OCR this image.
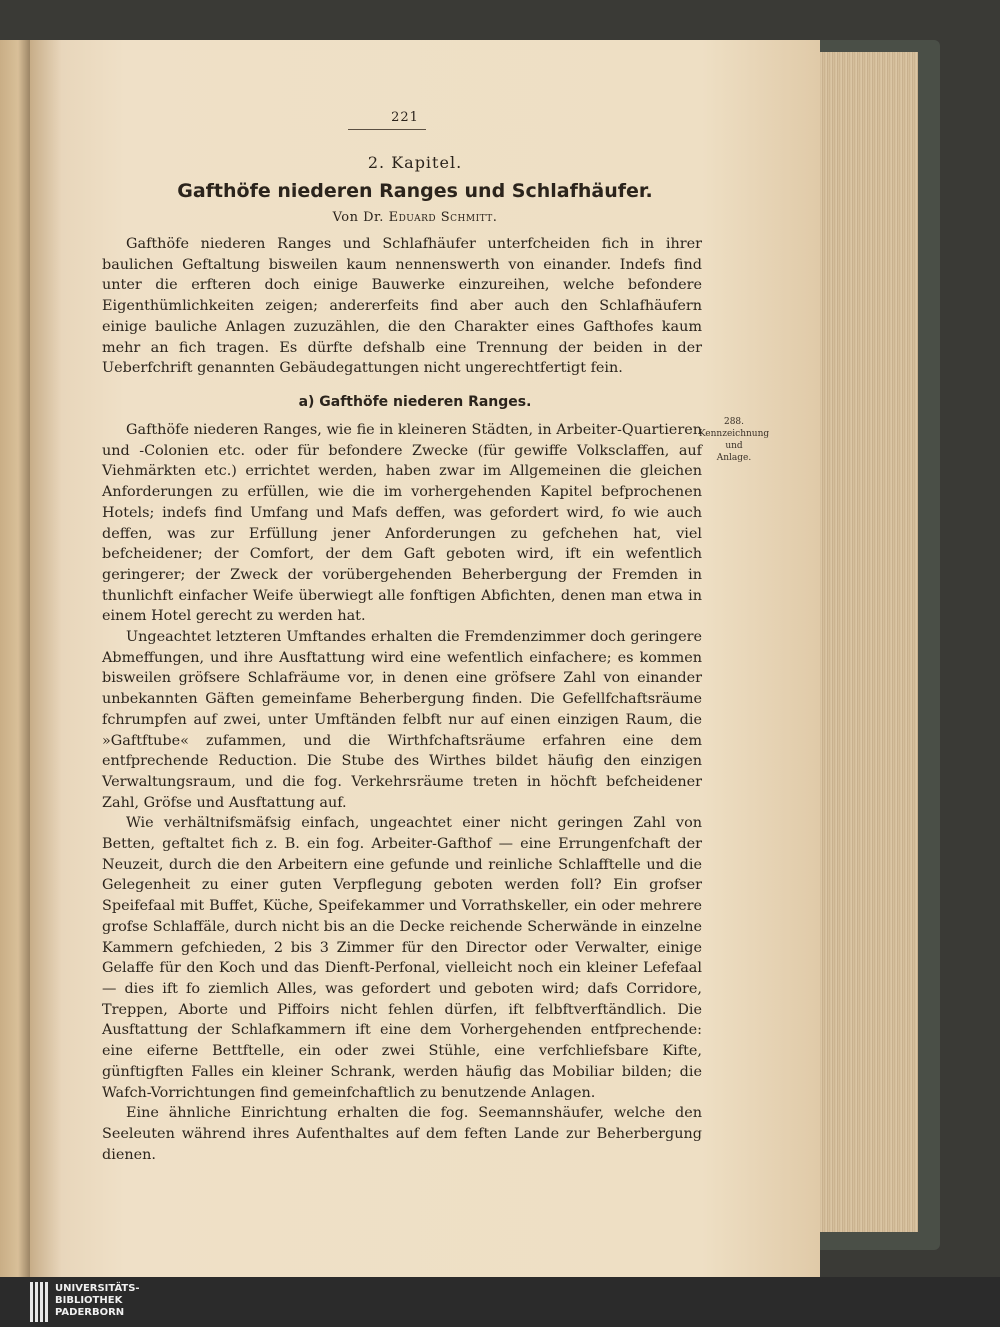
221
2. Kapitel.
Gafthöfe niederen Ranges und Schlafhäufer.
Von Dr. Eduard Schmitt.

Gafthöfe niederen Ranges und Schlafhäufer unterfcheiden fich in ihrer baulichen Geftaltung bisweilen kaum nennenswerth von einander. Indefs find unter die erfteren doch einige Bauwerke einzureihen, welche befondere Eigenthümlichkeiten zeigen; andererfeits find aber auch den Schlafhäufern einige bauliche Anlagen zuzuzählen, die den Charakter eines Gafthofes kaum mehr an fich tragen. Es dürfte defshalb eine Trennung der beiden in der Ueberfchrift genannten Gebäudegattungen nicht ungerechtfertigt fein.

a) Gafthöfe niederen Ranges.
288.
Kennzeichnung
und
Anlage.

Gafthöfe niederen Ranges, wie fie in kleineren Städten, in Arbeiter-Quartieren und -Colonien etc. oder für befondere Zwecke (für gewiffe Volksclaffen, auf Viehmärkten etc.) errichtet werden, haben zwar im Allgemeinen die gleichen Anforderungen zu erfüllen, wie die im vorhergehenden Kapitel befprochenen Hotels; indefs find Umfang und Mafs deffen, was gefordert wird, fo wie auch deffen, was zur Erfüllung jener Anforderungen zu gefchehen hat, viel befcheidener; der Comfort, der dem Gaft geboten wird, ift ein wefentlich geringerer; der Zweck der vorübergehenden Beherbergung der Fremden in thunlichft einfacher Weife überwiegt alle fonftigen Abfichten, denen man etwa in einem Hotel gerecht zu werden hat.

Ungeachtet letzteren Umftandes erhalten die Fremdenzimmer doch geringere Abmeffungen, und ihre Ausftattung wird eine wefentlich einfachere; es kommen bisweilen gröfsere Schlafräume vor, in denen eine gröfsere Zahl von einander unbekannten Gäften gemeinfame Beherbergung finden. Die Gefellfchaftsräume fchrumpfen auf zwei, unter Umftänden felbft nur auf einen einzigen Raum, die »Gaftftube« zufammen, und die Wirthfchaftsräume erfahren eine dem entfprechende Reduction. Die Stube des Wirthes bildet häufig den einzigen Verwaltungsraum, und die fog. Verkehrsräume treten in höchft befcheidener Zahl, Gröfse und Ausftattung auf.

Wie verhältnifsmäfsig einfach, ungeachtet einer nicht geringen Zahl von Betten, geftaltet fich z. B. ein fog. Arbeiter-Gafthof — eine Errungenfchaft der Neuzeit, durch die den Arbeitern eine gefunde und reinliche Schlafftelle und die Gelegenheit zu einer guten Verpflegung geboten werden foll? Ein grofser Speifefaal mit Buffet, Küche, Speifekammer und Vorrathskeller, ein oder mehrere grofse Schlaffäle, durch nicht bis an die Decke reichende Scherwände in einzelne Kammern gefchieden, 2 bis 3 Zimmer für den Director oder Verwalter, einige Gelaffe für den Koch und das Dienft-Perfonal, vielleicht noch ein kleiner Lefefaal — dies ift fo ziemlich Alles, was gefordert und geboten wird; dafs Corridore, Treppen, Aborte und Piffoirs nicht fehlen dürfen, ift felbftverftändlich. Die Ausftattung der Schlafkammern ift eine dem Vorhergehenden entfprechende: eine eiferne Bettftelle, ein oder zwei Stühle, eine verfchliefsbare Kifte, günftigften Falles ein kleiner Schrank, werden häufig das Mobiliar bilden; die Wafch-Vorrichtungen find gemeinfchaftlich zu benutzende Anlagen.

Eine ähnliche Einrichtung erhalten die fog. Seemannshäufer, welche den Seeleuten während ihres Aufenthaltes auf dem feften Lande zur Beherbergung dienen.

UNIVERSITÄTS-
BIBLIOTHEK
PADERBORN
